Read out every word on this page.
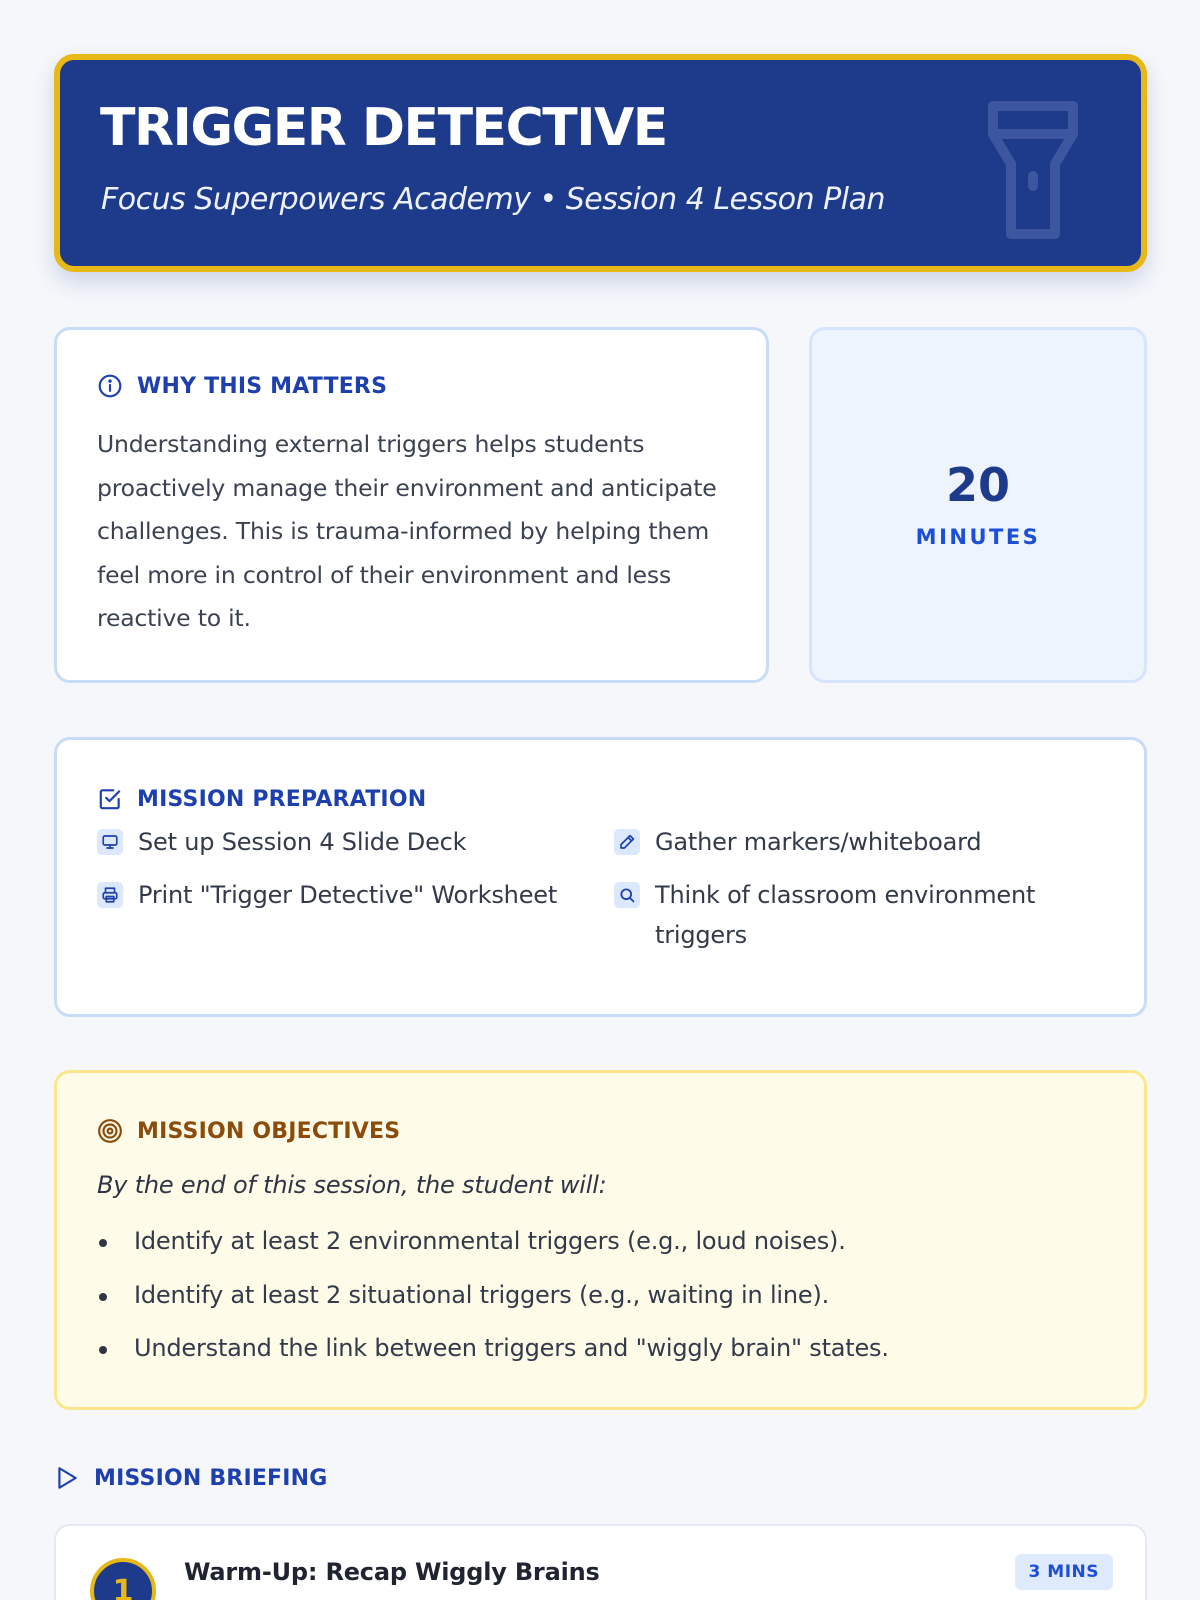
TRIGGER DETECTIVE
Focus Superpowers Academy • Session 4 Lesson Plan
WHY THIS MATTERS

Understanding external triggers helps students proactively manage their environment and anticipate challenges. This is trauma-informed by helping them feel more in control of their environment and less reactive to it.

20
MINUTES
MISSION PREPARATION
Set up Session 4 Slide Deck	Gather markers/whiteboard
Print "Trigger Detective" Worksheet	Think of classroom environment triggers
MISSION OBJECTIVES

By the end of this session, the student will:

Identify at least 2 environmental triggers (e.g., loud noises).
Identify at least 2 situational triggers (e.g., waiting in line).
Understand the link between triggers and "wiggly brain" states.
MISSION BRIEFING
1
Warm-Up: Recap Wiggly Brains	3 MINS
